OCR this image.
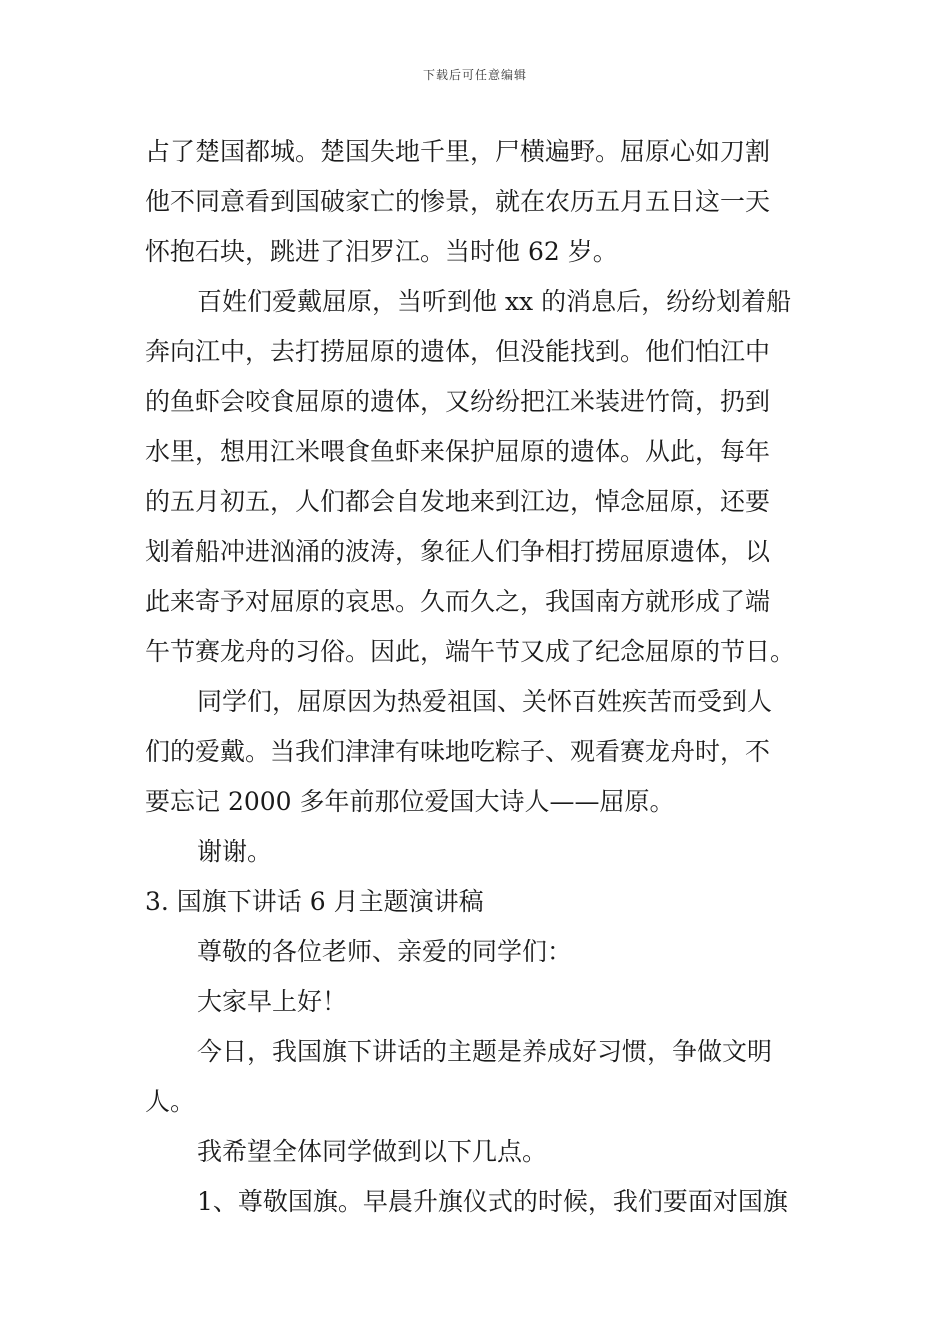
下载后可任意编辑
占了楚国都城。楚国失地千里，尸横遍野。屈原心如刀割
他不同意看到国破家亡的惨景，就在农历五月五日这一天
怀抱石块，跳进了汨罗江。当时他 62 岁。
百姓们爱戴屈原，当听到他 xx 的消息后，纷纷划着船
奔向江中，去打捞屈原的遗体，但没能找到。他们怕江中
的鱼虾会咬食屈原的遗体，又纷纷把江米装进竹筒，扔到
水里，想用江米喂食鱼虾来保护屈原的遗体。从此，每年
的五月初五，人们都会自发地来到江边，悼念屈原，还要
划着船冲进汹涌的波涛，象征人们争相打捞屈原遗体，以
此来寄予对屈原的哀思。久而久之，我国南方就形成了端
午节赛龙舟的习俗。因此，端午节又成了纪念屈原的节日。
同学们，屈原因为热爱祖国、关怀百姓疾苦而受到人
们的爱戴。当我们津津有味地吃粽子、观看赛龙舟时，不
要忘记 2000 多年前那位爱国大诗人——屈原。
谢谢。
3. 国旗下讲话 6 月主题演讲稿
尊敬的各位老师、亲爱的同学们：
大家早上好！
今日，我国旗下讲话的主题是养成好习惯，争做文明
人。
我希望全体同学做到以下几点。
1、尊敬国旗。早晨升旗仪式的时候，我们要面对国旗
